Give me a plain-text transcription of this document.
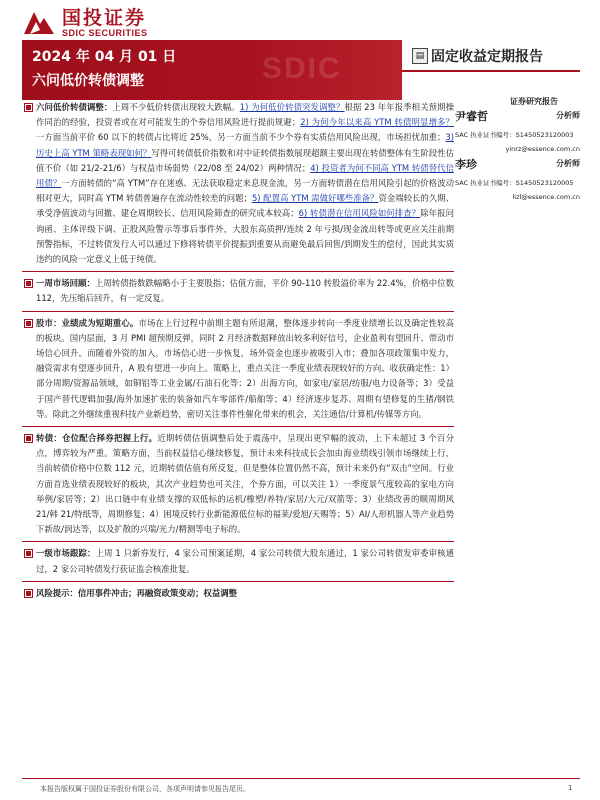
国投证券
SDIC SECURITIES
SDIC
2024 年 04 月 01 日
六问低价转债调整
▤ 固定收益定期报告
证券研究报告
尹睿哲	分析师
SAC 执业证书编号：S1450523120003
yinrz@essence.com.cn
李珍	分析师
SAC 执业证书编号：S1450523120005
lizl@essence.com.cn
六问低价转债调整：上周不少低价转债出现较大跌幅。1) 为何低价转债突发调整？根据 23 年年报季相关预期操作同治的经验，投资者或在对可能发生的个券信用风险进行提前规避；2) 为何今年以来高 YTM 转债明显增多？一方面当前平价 60 以下的转债占比将近 25%，另一方面当前不少个券有实质信用风险出现，市场担忧加重；3) 历史上高 YTM 策略表现如何？写得可转债低价指数和对中证转债指数展现超额主要出现在转债整体有生阶段性估值不价（如 21/2-21/6）与权益市场弱势（22/08 至 24/02）两种情况；4) 投资者为何不同高 YTM 转债替代信用债？一方面转债的“高 YTM”存在迷惑、无法获取稳定来息现金流，另一方面转债潜在信用风险引起的价格波动相对更大，同时高 YTM 转债普遍存在流动性较差的问题；5) 配置高 YTM 需做好哪些准备？资金端较长的久期、承受净值波动与回撤、建仓周期较长、信用风险筛查的研究成本较高；6) 转债潜在信用风险如何排查？除年报问询函、主体评级下调、正股风险警示等事后事件外，大股东高质押/连续 2 年亏损/现金流出转等或更应关注前期预警指标，不过转债发行人可以通过下修将转债平价提振到重要从而避免最后回售/到期发生的偿付，因此其实质违约的风险一定意义上低于纯债。
一周市场回顾：上周转债指数跌幅略小于主要股指；估值方面，平价 90-110 转股溢价率为 22.4%，价格中位数 112，先压缩后回升，有一定反复。
股市：业绩成为短期重心。市场在上行过程中前期主题有所退潮，整体逐步转向一季度业绩增长以及确定性较高的板块。国内层面，3 月 PMI 超预期反弹，同时 2 月经济数据释放出较多利好信号，企业盈利有望回升、带动市场信心回升。而随着外资的加入，市场信心进一步恢复，场外资金也逐步被吸引入市；叠加各项政策集中发力，融资需求有望逐步回升，A 股有望进一步向上。策略上，重点关注一季度业绩表现较好的方向、收获确定性：1）部分周期/资源品领域，如铜铝等工业金属/石油石化等；2）出海方向，如家电/家居/纺服/电力设备等；3）受益于国产替代逻辑加强/海外加速扩张的装备如汽车零部件/船舶等；4）经济逐步复苏、周期有望修复的生猪/钢铁等。除此之外继续重视科技产业新趋势，密切关注事件性催化带来的机会，关注通信/计算机/传媒等方向。
转债：仓位配合择券把握上行。近期转债估值调整后处于震荡中，呈现出更窄幅的波动，上下未超过 3 个百分点，博弈较为严重。策略方面，当前权益信心继续修复，预计未来科技成长会加由海业绩线引领市场继续上行，当前转债价格中位数 112 元，近期转债估值有所反复，但是整体位置仍然不高，预计未来仍有“双击”空间。行业方面首选业绩表现较好的板块，其次产业趋势也可关注，个券方面，可以关注 1）一季度景气度较高的家电方向举例/家居等；2）出口链中有业绩支撑的双低标的运机/橡塑/养特/家居/大元/双箭等；3）业绩改善的顺周期风 21/韩 21/特纸等，周期修复；4）困境反转行业新能源低位标的福莱/爱旭/天赐等；5）AI/人形机器人等产业趋势下新故/润达等，以及扩散的兴瑞/光力/精测等电子标的。
一级市场跟踪：上周 1 只新券发行，4 家公司预案延期，4 家公司转债大股东通过，1 家公司转债发审委审核通过，2 家公司转债发行获证监会核准批复。
风险提示：信用事件冲击；再融资政策变动；权益调整
本报告版权属于国投证券股份有限公司，各项声明请参见报告尾页。	1
